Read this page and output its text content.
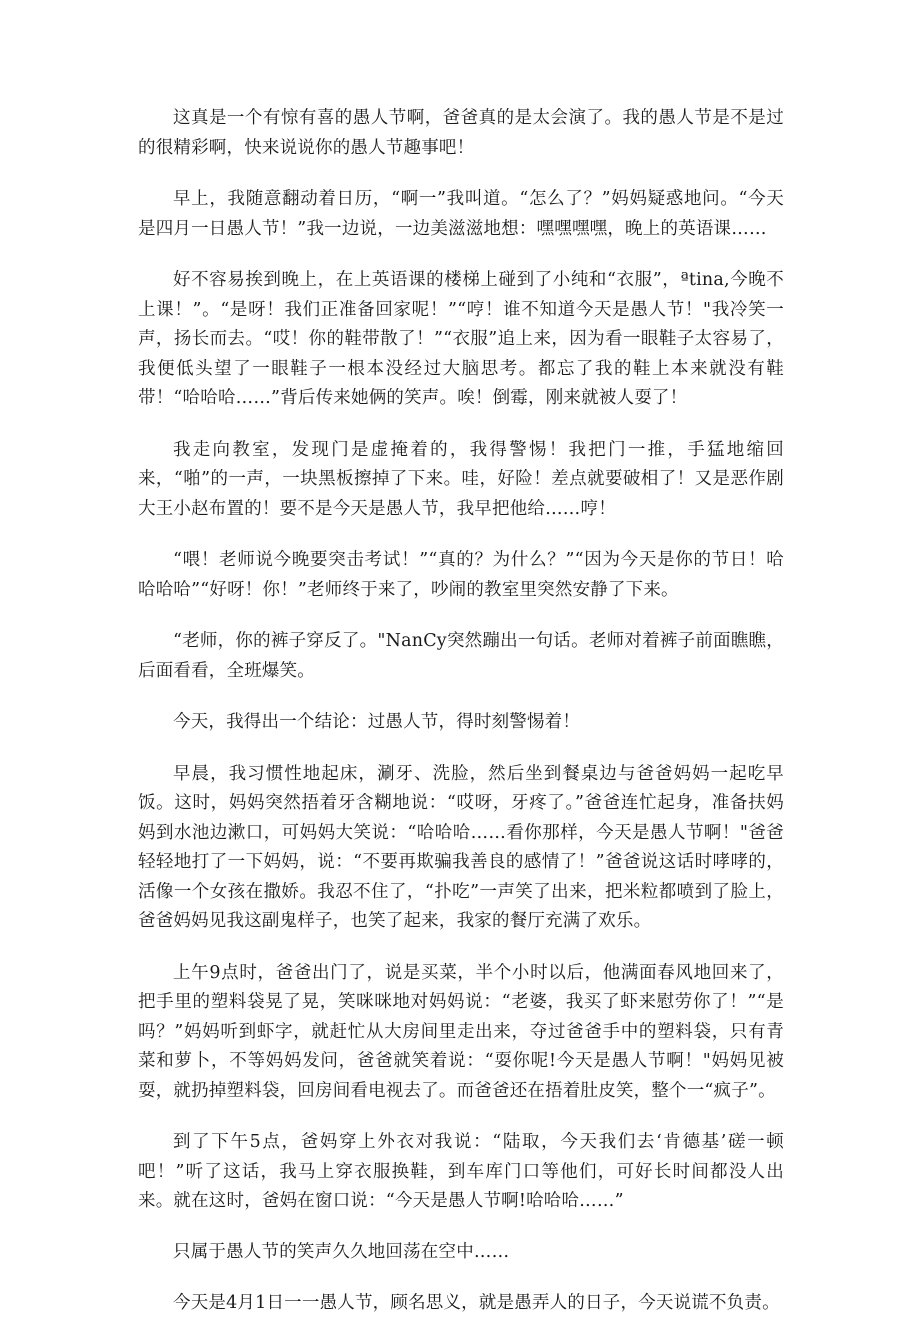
这真是一个有惊有喜的愚人节啊，爸爸真的是太会演了。我的愚人节是不是过的很精彩啊，快来说说你的愚人节趣事吧！

早上，我随意翻动着日历，“啊一”我叫道。“怎么了？”妈妈疑惑地问。“今天是四月一日愚人节！”我一边说，一边美滋滋地想：嘿嘿嘿嘿，晚上的英语课……

好不容易挨到晚上，在上英语课的楼梯上碰到了小纯和“衣服”，ªtina,今晚不上课！”。“是呀！我们正准备回家呢！”“哼！谁不知道今天是愚人节！"我冷笑一声，扬长而去。“哎！你的鞋带散了！”“衣服”追上来，因为看一眼鞋子太容易了，我便低头望了一眼鞋子一根本没经过大脑思考。都忘了我的鞋上本来就没有鞋带！“哈哈哈……”背后传来她俩的笑声。唉！倒霉，刚来就被人耍了！

我走向教室，发现门是虚掩着的，我得警惕！我把门一推，手猛地缩回来，“啪”的一声，一块黑板擦掉了下来。哇，好险！差点就要破相了！又是恶作剧大王小赵布置的！要不是今天是愚人节，我早把他给……哼！

“喂！老师说今晚要突击考试！”“真的？为什么？”“因为今天是你的节日！哈哈哈哈”“好呀！你！”老师终于来了，吵闹的教室里突然安静了下来。

“老师，你的裤子穿反了。"NanCy突然蹦出一句话。老师对着裤子前面瞧瞧，后面看看，全班爆笑。

今天，我得出一个结论：过愚人节，得时刻警惕着！

早晨，我习惯性地起床，涮牙、洗脸，然后坐到餐桌边与爸爸妈妈一起吃早饭。这时，妈妈突然捂着牙含糊地说：“哎呀，牙疼了。”爸爸连忙起身，准备扶妈妈到水池边漱口，可妈妈大笑说：“哈哈哈……看你那样，今天是愚人节啊！"爸爸轻轻地打了一下妈妈，说：“不要再欺骗我善良的感情了！”爸爸说这话时哮哮的，活像一个女孩在撒娇。我忍不住了，“扑吃”一声笑了出来，把米粒都喷到了脸上，爸爸妈妈见我这副鬼样子，也笑了起来，我家的餐厅充满了欢乐。

上午9点时，爸爸出门了，说是买菜，半个小时以后，他满面春风地回来了，把手里的塑料袋晃了晃，笑咪咪地对妈妈说：“老婆，我买了虾来慰劳你了！”“是吗？”妈妈听到虾字，就赶忙从大房间里走出来，夺过爸爸手中的塑料袋，只有青菜和萝卜，不等妈妈发问，爸爸就笑着说：“耍你呢!今天是愚人节啊！"妈妈见被耍，就扔掉塑料袋，回房间看电视去了。而爸爸还在捂着肚皮笑，整个一“疯子”。

到了下午5点，爸妈穿上外衣对我说：“陆取，今天我们去‘肯德基’磋一顿吧！”听了这话，我马上穿衣服换鞋，到车库门口等他们，可好长时间都没人出来。就在这时，爸妈在窗口说：“今天是愚人节啊!哈哈哈……”

只属于愚人节的笑声久久地回荡在空中……

今天是4月1日一一愚人节，顾名思义，就是愚弄人的日子，今天说谎不负责。
